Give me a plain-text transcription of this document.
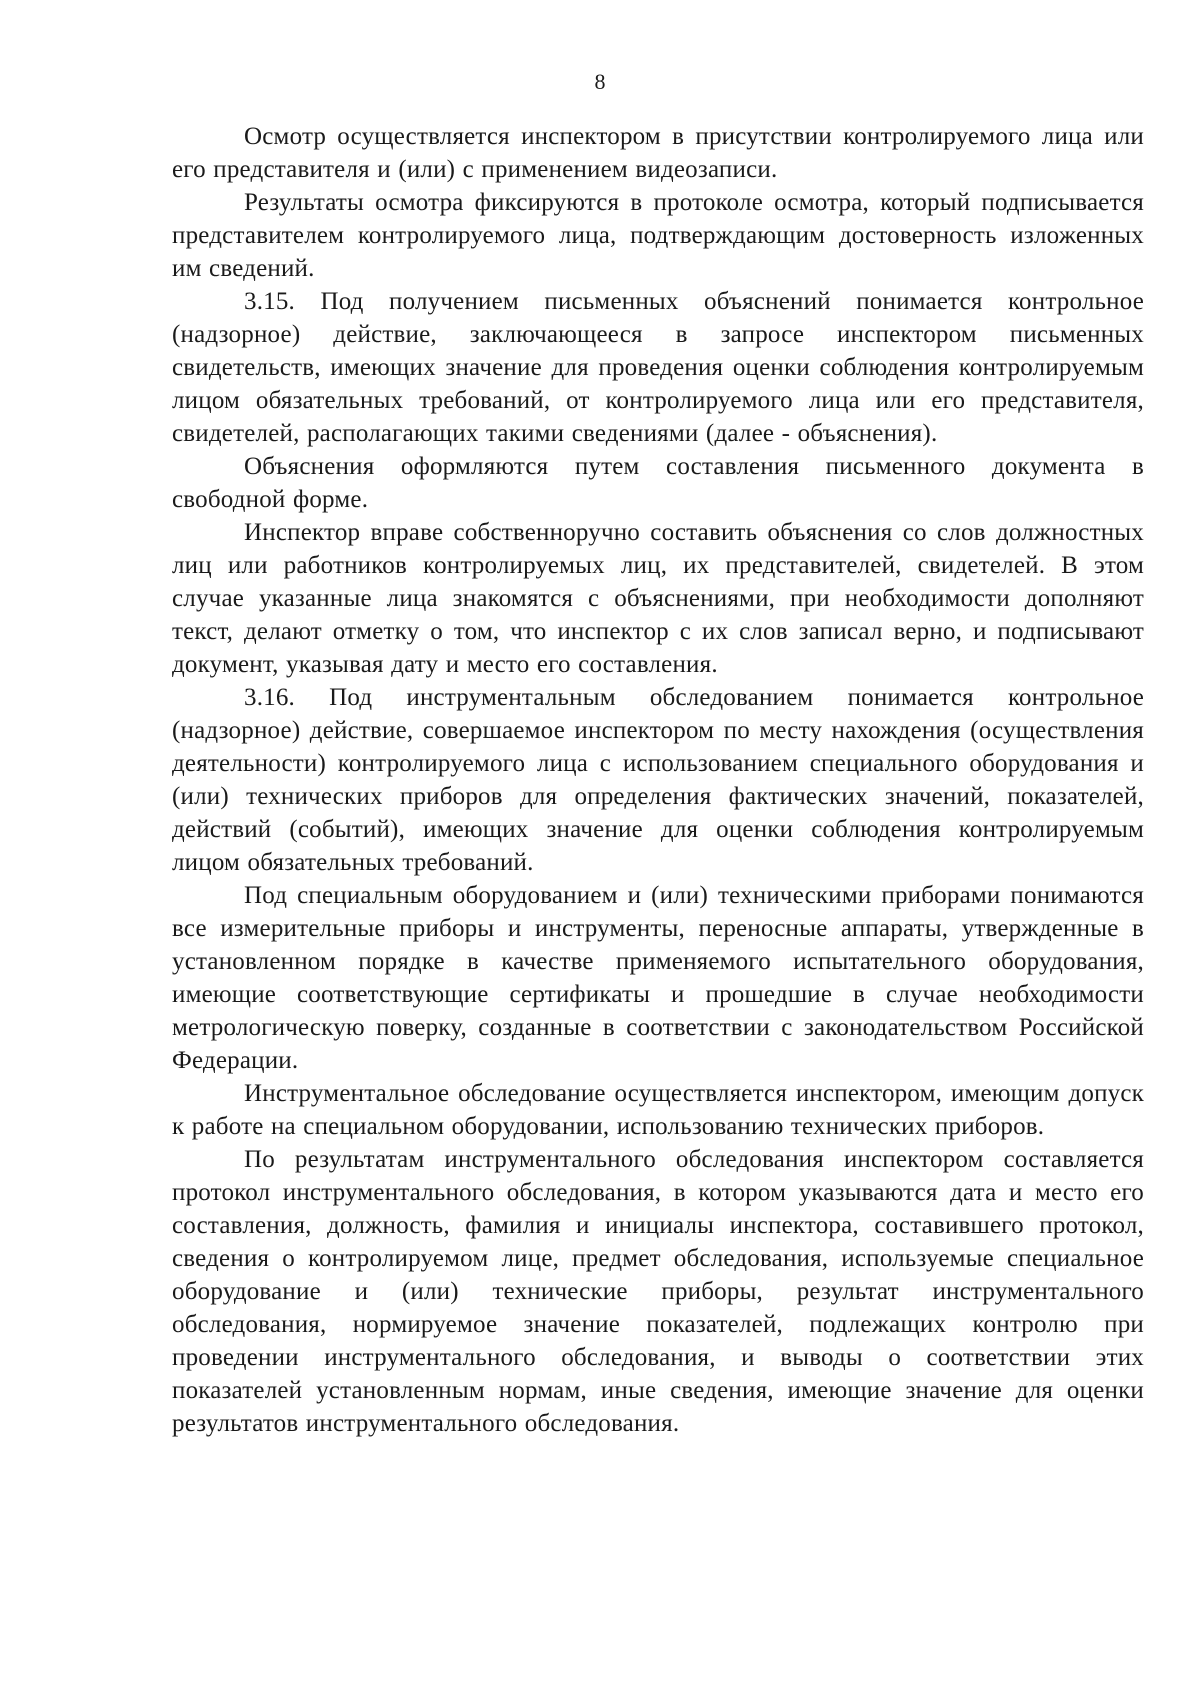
8

Осмотр осуществляется инспектором в присутствии контролируемого лица или его представителя и (или) с применением видеозаписи.

Результаты осмотра фиксируются в протоколе осмотра, который подписывается представителем контролируемого лица, подтверждающим достоверность изложенных им сведений.

3.15. Под получением письменных объяснений понимается контрольное (надзорное) действие, заключающееся в запросе инспектором письменных свидетельств, имеющих значение для проведения оценки соблюдения контролируемым лицом обязательных требований, от контролируемого лица или его представителя, свидетелей, располагающих такими сведениями (далее - объяснения).

Объяснения оформляются путем составления письменного документа в свободной форме.

Инспектор вправе собственноручно составить объяснения со слов должностных лиц или работников контролируемых лиц, их представителей, свидетелей. В этом случае указанные лица знакомятся с объяснениями, при необходимости дополняют текст, делают отметку о том, что инспектор с их слов записал верно, и подписывают документ, указывая дату и место его составления.

3.16. Под инструментальным обследованием понимается контрольное (надзорное) действие, совершаемое инспектором по месту нахождения (осуществления деятельности) контролируемого лица с использованием специального оборудования и (или) технических приборов для определения фактических значений, показателей, действий (событий), имеющих значение для оценки соблюдения контролируемым лицом обязательных требований.

Под специальным оборудованием и (или) техническими приборами понимаются все измерительные приборы и инструменты, переносные аппараты, утвержденные в установленном порядке в качестве применяемого испытательного оборудования, имеющие соответствующие сертификаты и прошедшие в случае необходимости метрологическую поверку, созданные в соответствии с законодательством Российской Федерации.

Инструментальное обследование осуществляется инспектором, имеющим допуск к работе на специальном оборудовании, использованию технических приборов.

По результатам инструментального обследования инспектором составляется протокол инструментального обследования, в котором указываются дата и место его составления, должность, фамилия и инициалы инспектора, составившего протокол, сведения о контролируемом лице, предмет обследования, используемые специальное оборудование и (или) технические приборы, результат инструментального обследования, нормируемое значение показателей, подлежащих контролю при проведении инструментального обследования, и выводы о соответствии этих показателей установленным нормам, иные сведения, имеющие значение для оценки результатов инструментального обследования.
